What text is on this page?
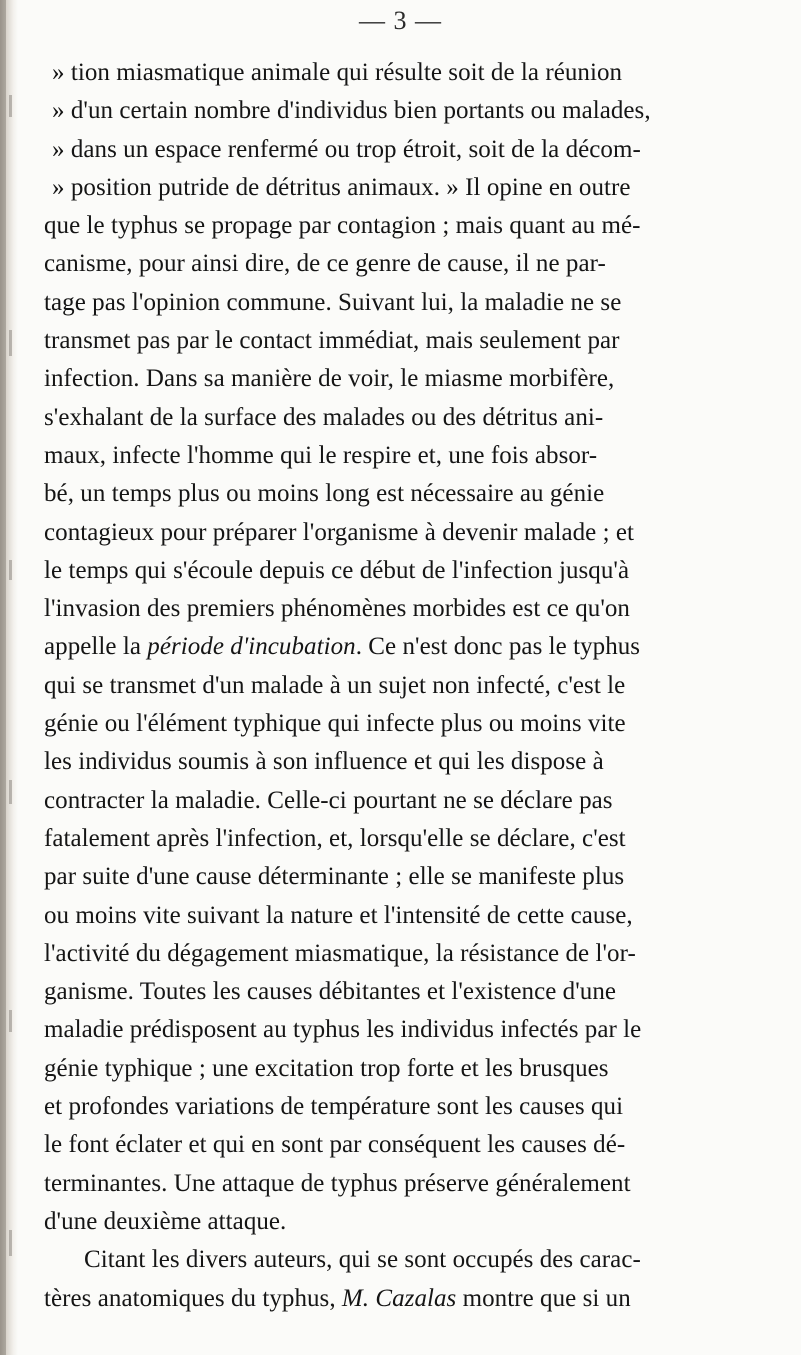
— 3 —
» tion miasmatique animale qui résulte soit de la réunion
» d'un certain nombre d'individus bien portants ou malades,
» dans un espace renfermé ou trop étroit, soit de la décom-
» position putride de détritus animaux. » Il opine en outre
que le typhus se propage par contagion ; mais quant au mé-
canisme, pour ainsi dire, de ce genre de cause, il ne par-
tage pas l'opinion commune. Suivant lui, la maladie ne se
transmet pas par le contact immédiat, mais seulement par
infection. Dans sa manière de voir, le miasme morbifère,
s'exhalant de la surface des malades ou des détritus ani-
maux, infecte l'homme qui le respire et, une fois absor-
bé, un temps plus ou moins long est nécessaire au génie
contagieux pour préparer l'organisme à devenir malade ; et
le temps qui s'écoule depuis ce début de l'infection jusqu'à
l'invasion des premiers phénomènes morbides est ce qu'on
appelle la période d'incubation. Ce n'est donc pas le typhus
qui se transmet d'un malade à un sujet non infecté, c'est le
génie ou l'élément typhique qui infecte plus ou moins vite
les individus soumis à son influence et qui les dispose à
contracter la maladie. Celle-ci pourtant ne se déclare pas
fatalement après l'infection, et, lorsqu'elle se déclare, c'est
par suite d'une cause déterminante ; elle se manifeste plus
ou moins vite suivant la nature et l'intensité de cette cause,
l'activité du dégagement miasmatique, la résistance de l'or-
ganisme. Toutes les causes débitantes et l'existence d'une
maladie prédisposent au typhus les individus infectés par le
génie typhique ; une excitation trop forte et les brusques
et profondes variations de température sont les causes qui
le font éclater et qui en sont par conséquent les causes dé-
terminantes. Une attaque de typhus préserve généralement
d'une deuxième attaque.
Citant les divers auteurs, qui se sont occupés des carac-
tères anatomiques du typhus, M. Cazalas montre que si un
